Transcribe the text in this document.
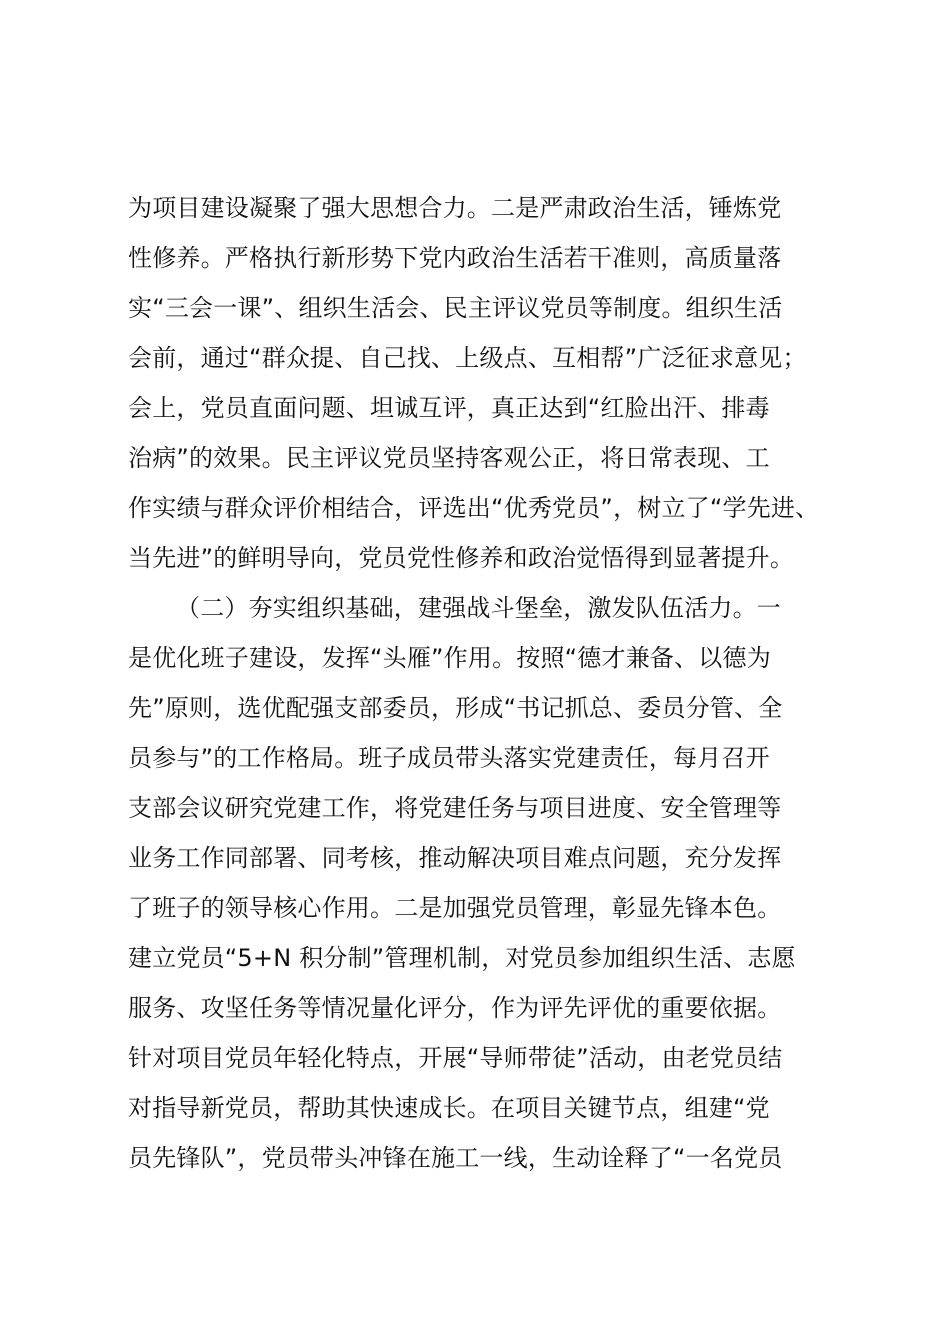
为项目建设凝聚了强大思想合力。二是严肃政治生活，锤炼党
性修养。严格执行新形势下党内政治生活若干准则，高质量落
实“三会一课”、组织生活会、民主评议党员等制度。组织生活
会前，通过“群众提、自己找、上级点、互相帮”广泛征求意见；
会上，党员直面问题、坦诚互评，真正达到“红脸出汗、排毒
治病”的效果。民主评议党员坚持客观公正，将日常表现、工
作实绩与群众评价相结合，评选出“优秀党员”，树立了“学先进、
当先进”的鲜明导向，党员党性修养和政治觉悟得到显著提升。
（二）夯实组织基础，建强战斗堡垒，激发队伍活力。一
是优化班子建设，发挥“头雁”作用。按照“德才兼备、以德为
先”原则，选优配强支部委员，形成“书记抓总、委员分管、全
员参与”的工作格局。班子成员带头落实党建责任，每月召开
支部会议研究党建工作，将党建任务与项目进度、安全管理等
业务工作同部署、同考核，推动解决项目难点问题，充分发挥
了班子的领导核心作用。二是加强党员管理，彰显先锋本色。
建立党员“5+N 积分制”管理机制，对党员参加组织生活、志愿
服务、攻坚任务等情况量化评分，作为评先评优的重要依据。
针对项目党员年轻化特点，开展“导师带徒”活动，由老党员结
对指导新党员，帮助其快速成长。在项目关键节点，组建“党
员先锋队”，党员带头冲锋在施工一线，生动诠释了“一名党员
